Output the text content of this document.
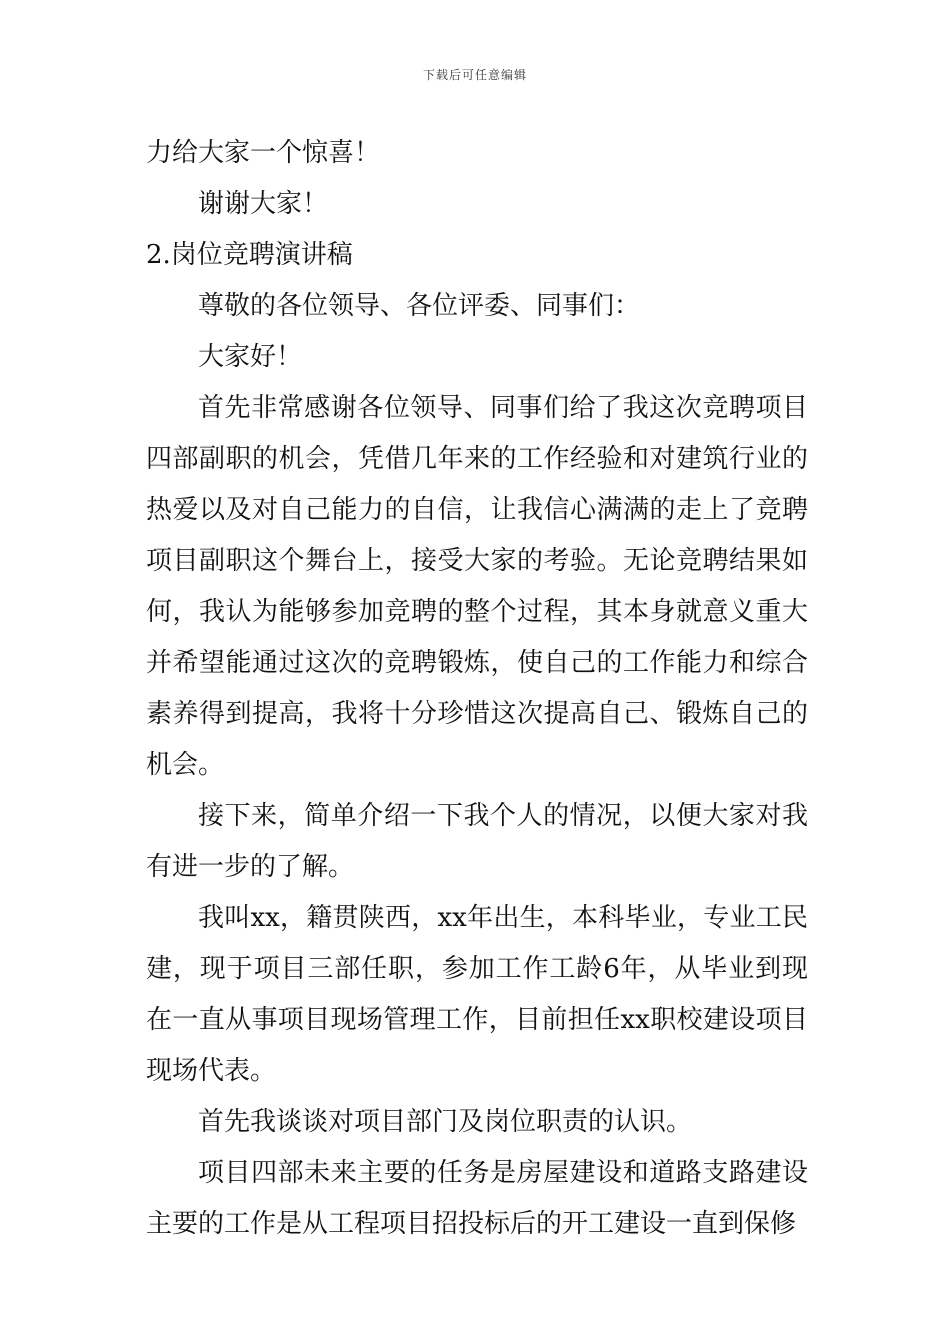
下载后可任意编辑

力给大家一个惊喜！

谢谢大家！

2.岗位竞聘演讲稿

尊敬的各位领导、各位评委、同事们：

大家好！

首先非常感谢各位领导、同事们给了我这次竞聘项目四部副职的机会，凭借几年来的工作经验和对建筑行业的热爱以及对自己能力的自信，让我信心满满的走上了竞聘项目副职这个舞台上，接受大家的考验。无论竞聘结果如何，我认为能够参加竞聘的整个过程，其本身就意义重大并希望能通过这次的竞聘锻炼，使自己的工作能力和综合素养得到提高，我将十分珍惜这次提高自己、锻炼自己的机会。

接下来，简单介绍一下我个人的情况，以便大家对我有进一步的了解。

我叫xx，籍贯陕西，xx年出生，本科毕业，专业工民建，现于项目三部任职，参加工作工龄6年，从毕业到现在一直从事项目现场管理工作，目前担任xx职校建设项目现场代表。

首先我谈谈对项目部门及岗位职责的认识。

项目四部未来主要的任务是房屋建设和道路支路建设主要的工作是从工程项目招投标后的开工建设一直到保修
